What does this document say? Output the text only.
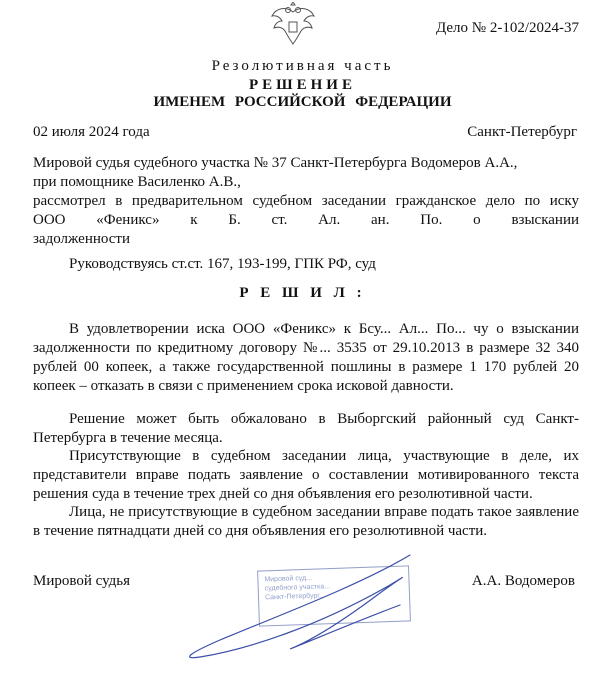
Дело № 2-102/2024-37
Резолютивная часть
РЕШЕНИЕ
ИМЕНЕМ РОССИЙСКОЙ ФЕДЕРАЦИИ
02 июля 2024 года	Санкт-Петербург
Мировой судья судебного участка № 37 Санкт-Петербурга Водомеров А.А.,
при помощнике Василенко А.В.,
рассмотрел в предварительном судебном заседании гражданское дело по иску
ООО «Феникс» к Б. ст. Ал. ан. По. о взыскании
задолженности
Руководствуясь ст.ст. 167, 193-199, ГПК РФ, суд
Р Е Ш И Л :
В удовлетворении иска ООО «Феникс» к Бсу... Ал... По... чу о взыскании задолженности по кредитному договору №... 3535 от 29.10.2013 в размере 32 340 рублей 00 копеек, а также государственной пошлины в размере 1 170 рублей 20 копеек – отказать в связи с применением срока исковой давности.
Решение может быть обжаловано в Выборгский районный суд Санкт-Петербурга в течение месяца.
Присутствующие в судебном заседании лица, участвующие в деле, их представители вправе подать заявление о составлении мотивированного текста решения суда в течение трех дней со дня объявления его резолютивной части.
Лица, не присутствующие в судебном заседании вправе подать такое заявление в течение пятнадцати дней со дня объявления его резолютивной части.
Мировой суд...
судебного участка...
Санкт-Петербург...
Мировой судья	А.А. Водомеров
